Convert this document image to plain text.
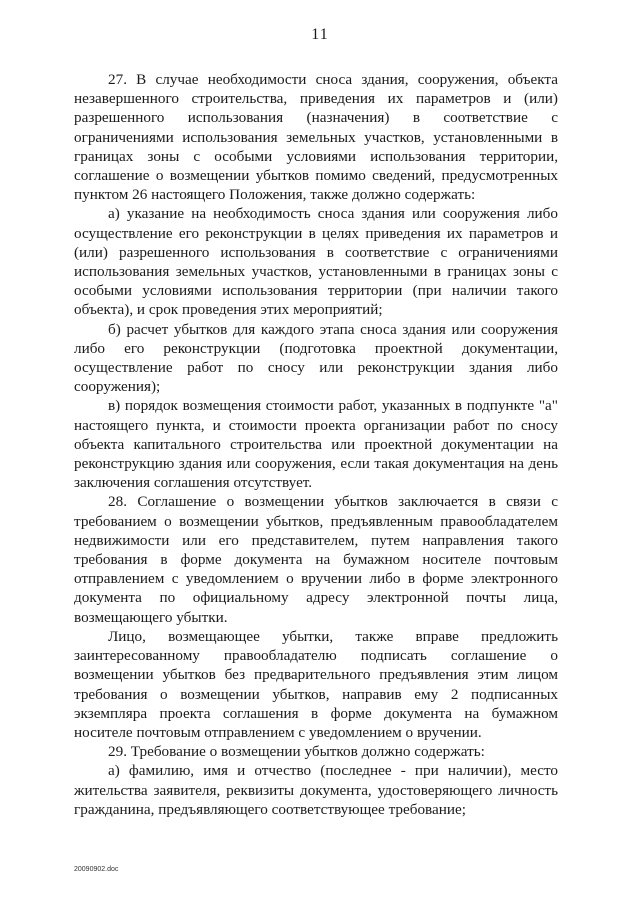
11

27. В случае необходимости сноса здания, сооружения, объекта незавершенного строительства, приведения их параметров и (или) разрешенного использования (назначения) в соответствие с ограничениями использования земельных участков, установленными в границах зоны с особыми условиями использования территории, соглашение о возмещении убытков помимо сведений, предусмотренных пунктом 26 настоящего Положения, также должно содержать:

а) указание на необходимость сноса здания или сооружения либо осуществление его реконструкции в целях приведения их параметров и (или) разрешенного использования в соответствие с ограничениями использования земельных участков, установленными в границах зоны с особыми условиями использования территории (при наличии такого объекта), и срок проведения этих мероприятий;

б) расчет убытков для каждого этапа сноса здания или сооружения либо его реконструкции (подготовка проектной документации, осуществление работ по сносу или реконструкции здания либо сооружения);

в) порядок возмещения стоимости работ, указанных в подпункте "а" настоящего пункта, и стоимости проекта организации работ по сносу объекта капитального строительства или проектной документации на реконструкцию здания или сооружения, если такая документация на день заключения соглашения отсутствует.

28. Соглашение о возмещении убытков заключается в связи с требованием о возмещении убытков, предъявленным правообладателем недвижимости или его представителем, путем направления такого требования в форме документа на бумажном носителе почтовым отправлением с уведомлением о вручении либо в форме электронного документа по официальному адресу электронной почты лица, возмещающего убытки.

Лицо, возмещающее убытки, также вправе предложить заинтересованному правообладателю подписать соглашение о возмещении убытков без предварительного предъявления этим лицом требования о возмещении убытков, направив ему 2 подписанных экземпляра проекта соглашения в форме документа на бумажном носителе почтовым отправлением с уведомлением о вручении.

29. Требование о возмещении убытков должно содержать:

а) фамилию, имя и отчество (последнее - при наличии), место жительства заявителя, реквизиты документа, удостоверяющего личность гражданина, предъявляющего соответствующее требование;

20090902.doc
